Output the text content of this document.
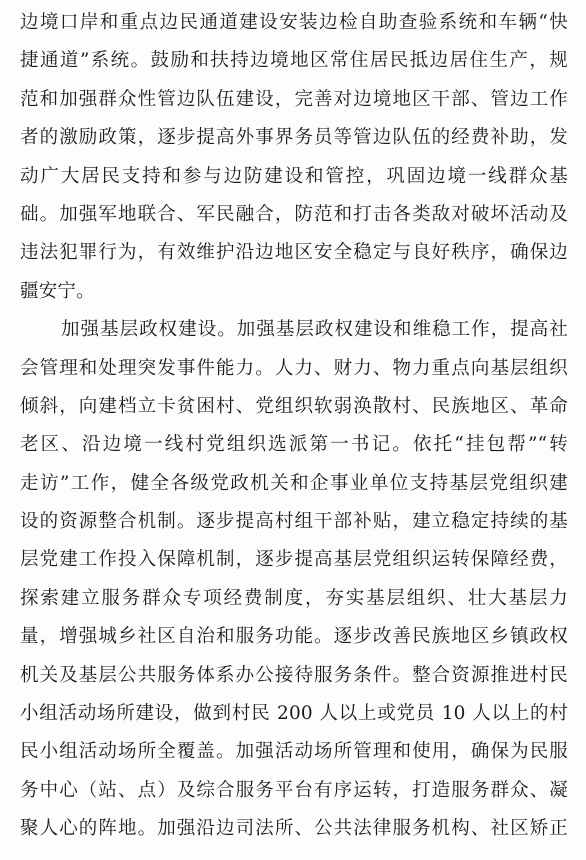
边境口岸和重点边民通道建设安装边检自助查验系统和车辆“快
捷通道”系统。鼓励和扶持边境地区常住居民抵边居住生产，规
范和加强群众性管边队伍建设，完善对边境地区干部、管边工作
者的激励政策，逐步提高外事界务员等管边队伍的经费补助，发
动广大居民支持和参与边防建设和管控，巩固边境一线群众基
础。加强军地联合、军民融合，防范和打击各类敌对破坏活动及
违法犯罪行为，有效维护沿边地区安全稳定与良好秩序，确保边
疆安宁。
加强基层政权建设。加强基层政权建设和维稳工作，提高社
会管理和处理突发事件能力。人力、财力、物力重点向基层组织
倾斜，向建档立卡贫困村、党组织软弱涣散村、民族地区、革命
老区、沿边境一线村党组织选派第一书记。依托“挂包帮”“转
走访”工作，健全各级党政机关和企事业单位支持基层党组织建
设的资源整合机制。逐步提高村组干部补贴，建立稳定持续的基
层党建工作投入保障机制，逐步提高基层党组织运转保障经费，
探索建立服务群众专项经费制度，夯实基层组织、壮大基层力
量，增强城乡社区自治和服务功能。逐步改善民族地区乡镇政权
机关及基层公共服务体系办公接待服务条件。整合资源推进村民
小组活动场所建设，做到村民 200 人以上或党员 10 人以上的村
民小组活动场所全覆盖。加强活动场所管理和使用，确保为民服
务中心（站、点）及综合服务平台有序运转，打造服务群众、凝
聚人心的阵地。加强沿边司法所、公共法律服务机构、社区矫正
